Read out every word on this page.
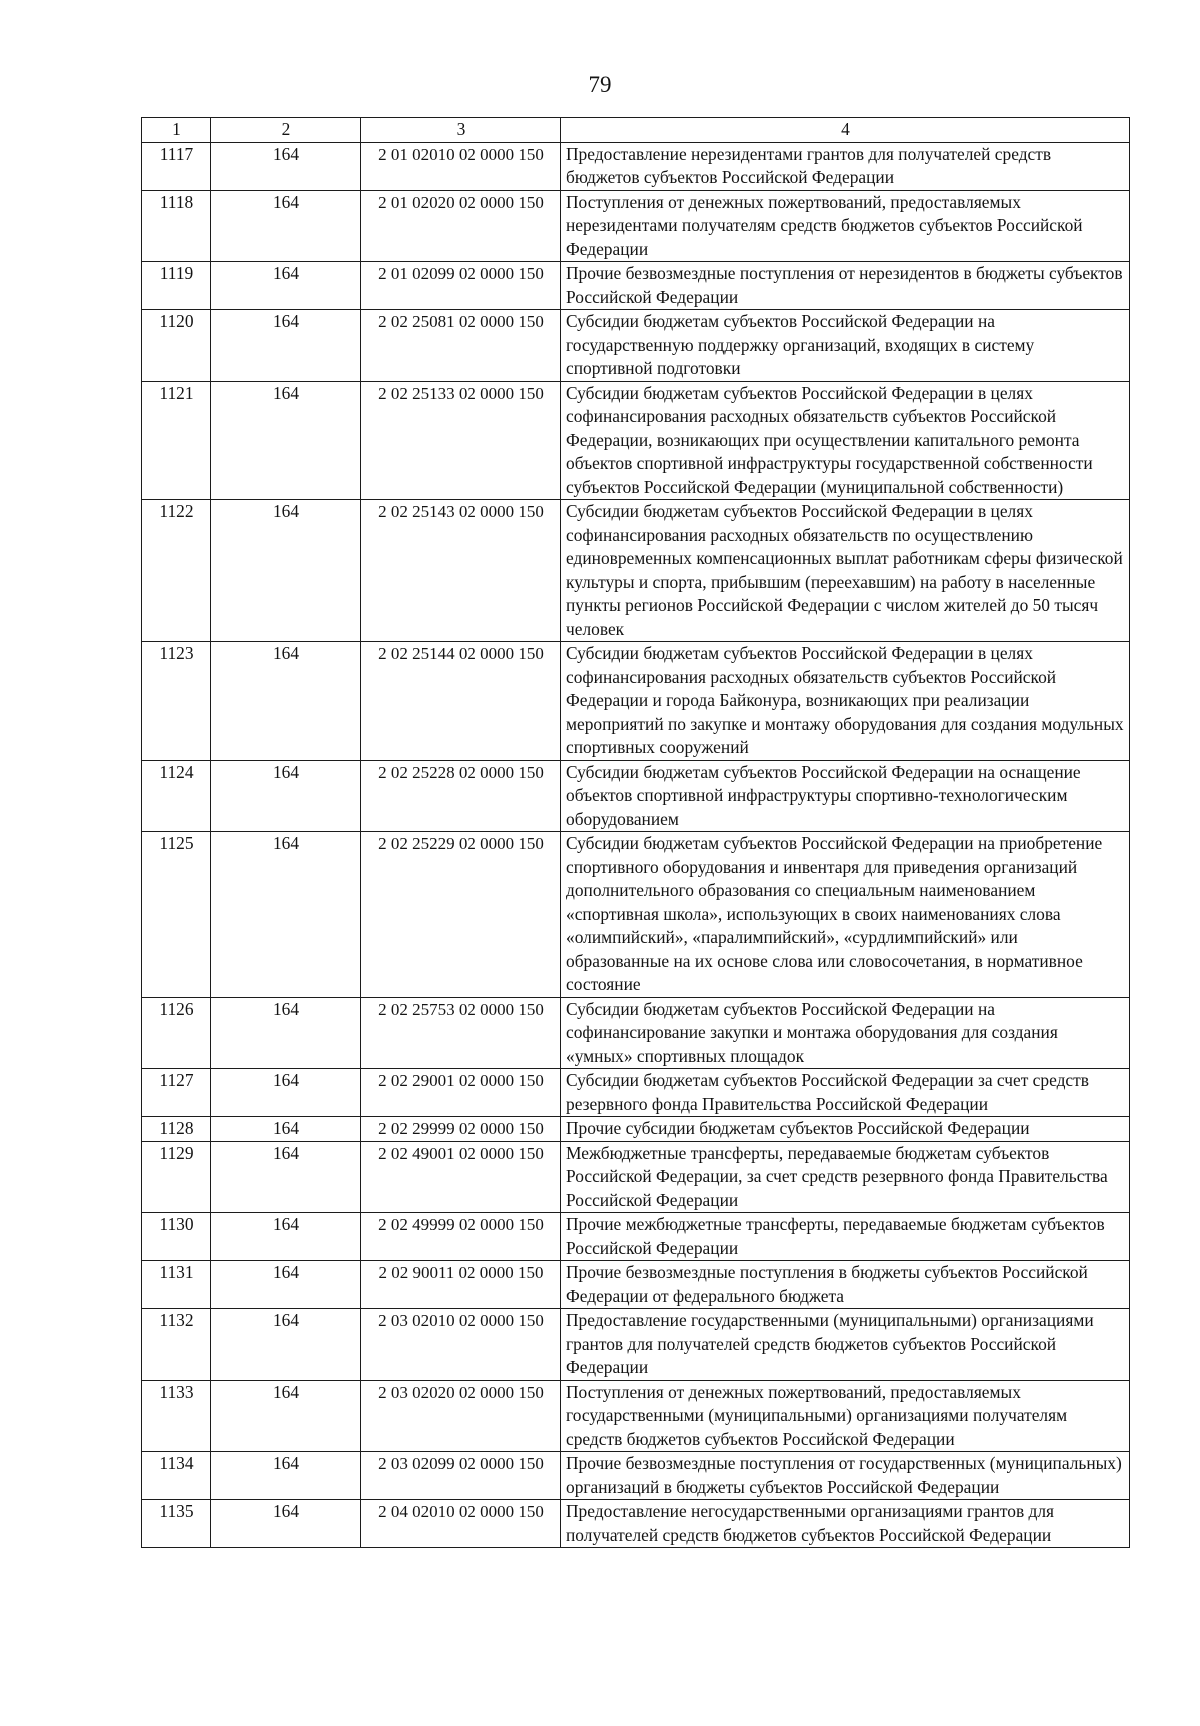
79
1	2	3	4
1117	164	2 01 02010 02 0000 150	Предоставление нерезидентами грантов для получателей средств бюджетов субъектов Российской Федерации
1118	164	2 01 02020 02 0000 150	Поступления от денежных пожертвований, предоставляемых нерезидентами получателям средств бюджетов субъектов Российской Федерации
1119	164	2 01 02099 02 0000 150	Прочие безвозмездные поступления от нерезидентов в бюджеты субъектов Российской Федерации
1120	164	2 02 25081 02 0000 150	Субсидии бюджетам субъектов Российской Федерации на государственную поддержку организаций, входящих в систему спортивной подготовки
1121	164	2 02 25133 02 0000 150	Субсидии бюджетам субъектов Российской Федерации в целях софинансирования расходных обязательств субъектов Российской Федерации, возникающих при осуществлении капитального ремонта объектов спортивной инфраструктуры государственной собственности субъектов Российской Федерации (муниципальной собственности)
1122	164	2 02 25143 02 0000 150	Субсидии бюджетам субъектов Российской Федерации в целях софинансирования расходных обязательств по осуществлению единовременных компенсационных выплат работникам сферы физической культуры и спорта, прибывшим (переехавшим) на работу в населенные пункты регионов Российской Федерации с числом жителей до 50 тысяч человек
1123	164	2 02 25144 02 0000 150	Субсидии бюджетам субъектов Российской Федерации в целях софинансирования расходных обязательств субъектов Российской Федерации и города Байконура, возникающих при реализации мероприятий по закупке и монтажу оборудования для создания модульных спортивных сооружений
1124	164	2 02 25228 02 0000 150	Субсидии бюджетам субъектов Российской Федерации на оснащение объектов спортивной инфраструктуры спортивно-технологическим оборудованием
1125	164	2 02 25229 02 0000 150	Субсидии бюджетам субъектов Российской Федерации на приобретение спортивного оборудования и инвентаря для приведения организаций дополнительного образования со специальным наименованием «спортивная школа», использующих в своих наименованиях слова «олимпийский», «паралимпийский», «сурдлимпийский» или образованные на их основе слова или словосочетания, в нормативное состояние
1126	164	2 02 25753 02 0000 150	Субсидии бюджетам субъектов Российской Федерации на софинансирование закупки и монтажа оборудования для создания «умных» спортивных площадок
1127	164	2 02 29001 02 0000 150	Субсидии бюджетам субъектов Российской Федерации за счет средств резервного фонда Правительства Российской Федерации
1128	164	2 02 29999 02 0000 150	Прочие субсидии бюджетам субъектов Российской Федерации
1129	164	2 02 49001 02 0000 150	Межбюджетные трансферты, передаваемые бюджетам субъектов Российской Федерации, за счет средств резервного фонда Правительства Российской Федерации
1130	164	2 02 49999 02 0000 150	Прочие межбюджетные трансферты, передаваемые бюджетам субъектов Российской Федерации
1131	164	2 02 90011 02 0000 150	Прочие безвозмездные поступления в бюджеты субъектов Российской Федерации от федерального бюджета
1132	164	2 03 02010 02 0000 150	Предоставление государственными (муниципальными) организациями грантов для получателей средств бюджетов субъектов Российской Федерации
1133	164	2 03 02020 02 0000 150	Поступления от денежных пожертвований, предоставляемых государственными (муниципальными) организациями получателям средств бюджетов субъектов Российской Федерации
1134	164	2 03 02099 02 0000 150	Прочие безвозмездные поступления от государственных (муниципальных) организаций в бюджеты субъектов Российской Федерации
1135	164	2 04 02010 02 0000 150	Предоставление негосударственными организациями грантов для получателей средств бюджетов субъектов Российской Федерации
